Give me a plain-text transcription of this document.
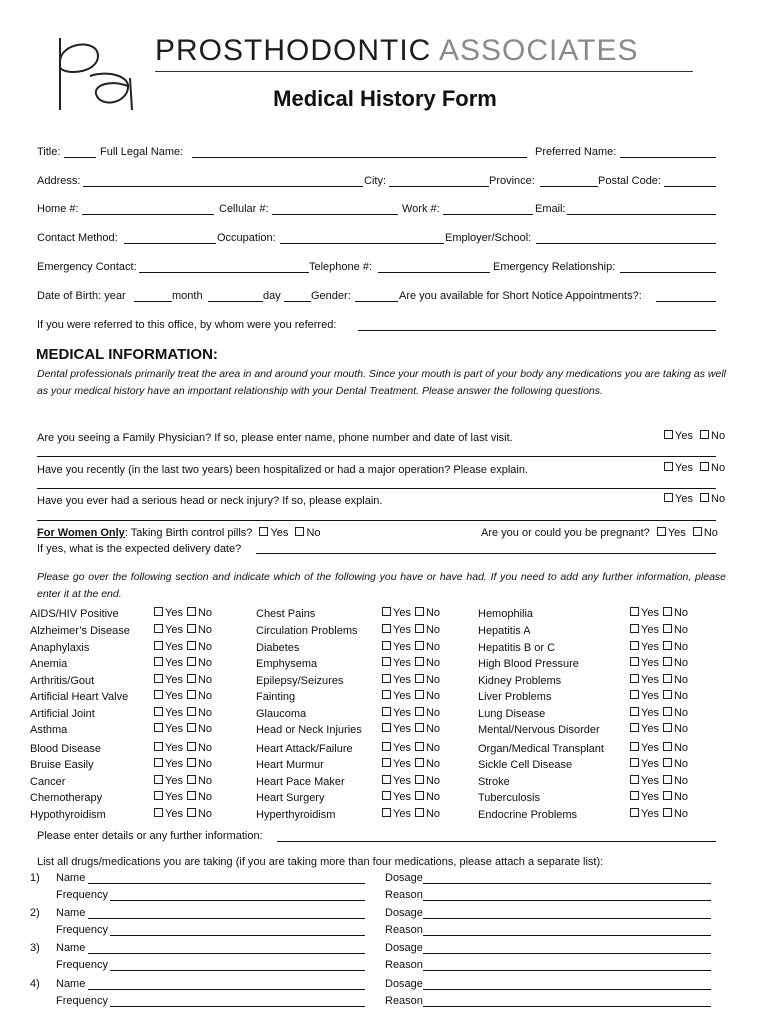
PROSTHODONTIC ASSOCIATES
Medical History Form
Title:	Full Legal Name:	Preferred Name:
Address:	City:	Province:	Postal Code:
Home #:	Cellular #:	Work #:	Email:
Contact Method:	Occupation:	Employer/School:
Emergency Contact:	Telephone #:	Emergency Relationship:
Date of Birth: year	month	day	Gender:	Are you available for Short Notice Appointments?:
If you were referred to this office, by whom were you referred:
MEDICAL INFORMATION:
Dental professionals primarily treat the area in and around your mouth. Since your mouth is part of your body any medications you are taking as well as your medical history have an important relationship with your Dental Treatment. Please answer the following questions.
Are you seeing a Family Physician? If so, please enter name, phone number and date of last visit.	Yes No
Have you recently (in the last two years) been hospitalized or had a major operation? Please explain.	Yes No
Have you ever had a serious head or neck injury? If so, please explain.	Yes No
For Women Only: Taking Birth control pills? Yes No	Are you or could you be pregnant? Yes No
If yes, what is the expected delivery date?
Please go over the following section and indicate which of the following you have or have had. If you need to add any further information, please enter it at the end.
AIDS/HIV Positive	Yes No
Alzheimer’s Disease	Yes No
Anaphylaxis	Yes No
Anemia	Yes No
Arthritis/Gout	Yes No
Artificial Heart Valve	Yes No
Artificial Joint	Yes No
Asthma	Yes No
Blood Disease	Yes No
Bruise Easily	Yes No
Cancer	Yes No
Chemotherapy	Yes No
Hypothyroidism	Yes No
Chest Pains	Yes No
Circulation Problems	Yes No
Diabetes	Yes No
Emphysema	Yes No
Epilepsy/Seizures	Yes No
Fainting	Yes No
Glaucoma	Yes No
Head or Neck Injuries	Yes No
Heart Attack/Failure	Yes No
Heart Murmur	Yes No
Heart Pace Maker	Yes No
Heart Surgery	Yes No
Hyperthyroidism	Yes No
Hemophilia	Yes No
Hepatitis A	Yes No
Hepatitis B or C	Yes No
High Blood Pressure	Yes No
Kidney Problems	Yes No
Liver Problems	Yes No
Lung Disease	Yes No
Mental/Nervous Disorder	Yes No
Organ/Medical Transplant	Yes No
Sickle Cell Disease	Yes No
Stroke	Yes No
Tuberculosis	Yes No
Endocrine Problems	Yes No
Please enter details or any further information:
List all drugs/medications you are taking (if you are taking more than four medications, please attach a separate list):
1) Name
Frequency
Dosage
Reason
2) Name
Frequency
Dosage
Reason
3) Name
Frequency
Dosage
Reason
4) Name
Frequency
Dosage
Reason
